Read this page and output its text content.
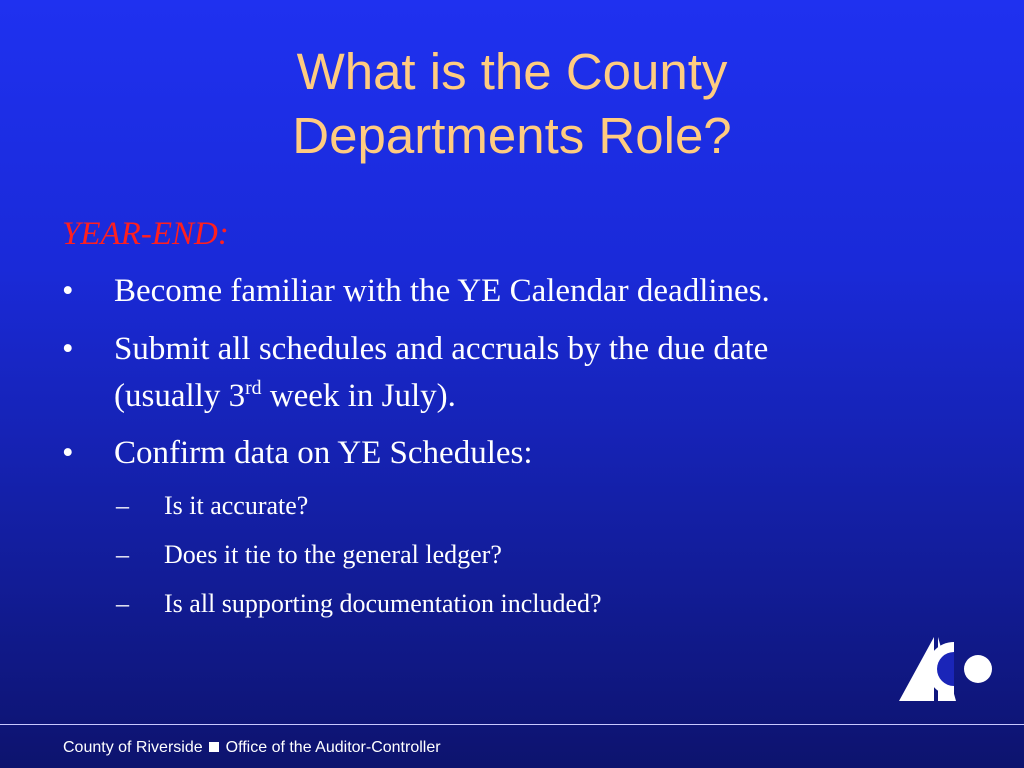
What is the County
Departments Role?
YEAR-END:
• Become familiar with the YE Calendar deadlines.
• Submit all schedules and accruals by the due date
(usually 3rd week in July).
• Confirm data on YE Schedules:
– Is it accurate?
– Does it tie to the general ledger?
– Is all supporting documentation included?
County of Riverside Office of the Auditor-Controller
